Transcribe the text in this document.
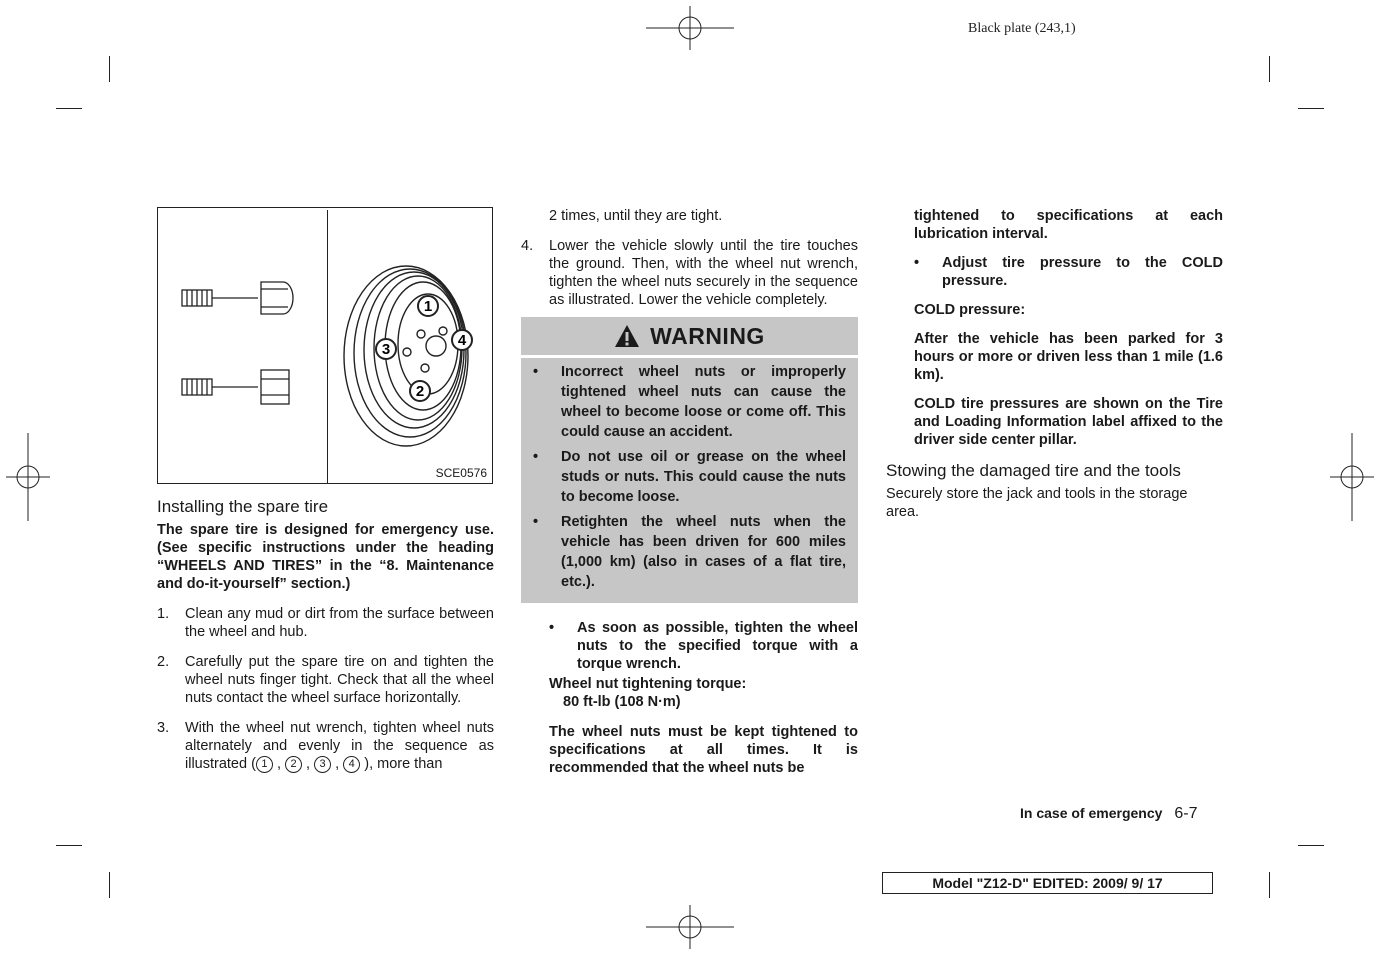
Black plate (243,1)
1
2
3
4
SCE0576
Installing the spare tire

The spare tire is designed for emergency use. (See specific instructions under the heading “WHEELS AND TIRES” in the “8. Maintenance and do-it-yourself” section.)

1. Clean any mud or dirt from the surface between the wheel and hub.
2. Carefully put the spare tire on and tighten the wheel nuts finger tight. Check that all the wheel nuts contact the wheel surface horizontally.
3. With the wheel nut wrench, tighten wheel nuts alternately and evenly in the sequence as illustrated ( 1 , 2 , 3 , 4 ), more than

2 times, until they are tight.

4. Lower the vehicle slowly until the tire touches the ground. Then, with the wheel nut wrench, tighten the wheel nuts securely in the sequence as illustrated. Lower the vehicle completely.
WARNING
• Incorrect wheel nuts or improperly tightened wheel nuts can cause the wheel to become loose or come off. This could cause an accident.
• Do not use oil or grease on the wheel studs or nuts. This could cause the nuts to become loose.
• Retighten the wheel nuts when the vehicle has been driven for 600 miles (1,000 km) (also in cases of a flat tire, etc.).
• As soon as possible, tighten the wheel nuts to the specified torque with a torque wrench.

Wheel nut tightening torque:

80 ft-lb (108 N·m)

The wheel nuts must be kept tightened to specifications at all times. It is recommended that the wheel nuts be

tightened to specifications at each lubrication interval.

• Adjust tire pressure to the COLD pressure.

COLD pressure:

After the vehicle has been parked for 3 hours or more or driven less than 1 mile (1.6 km).

COLD tire pressures are shown on the Tire and Loading Information label affixed to the driver side center pillar.

Stowing the damaged tire and the tools

Securely store the jack and tools in the storage area.

In case of emergency 6-7
Model "Z12-D" EDITED: 2009/ 9/ 17
